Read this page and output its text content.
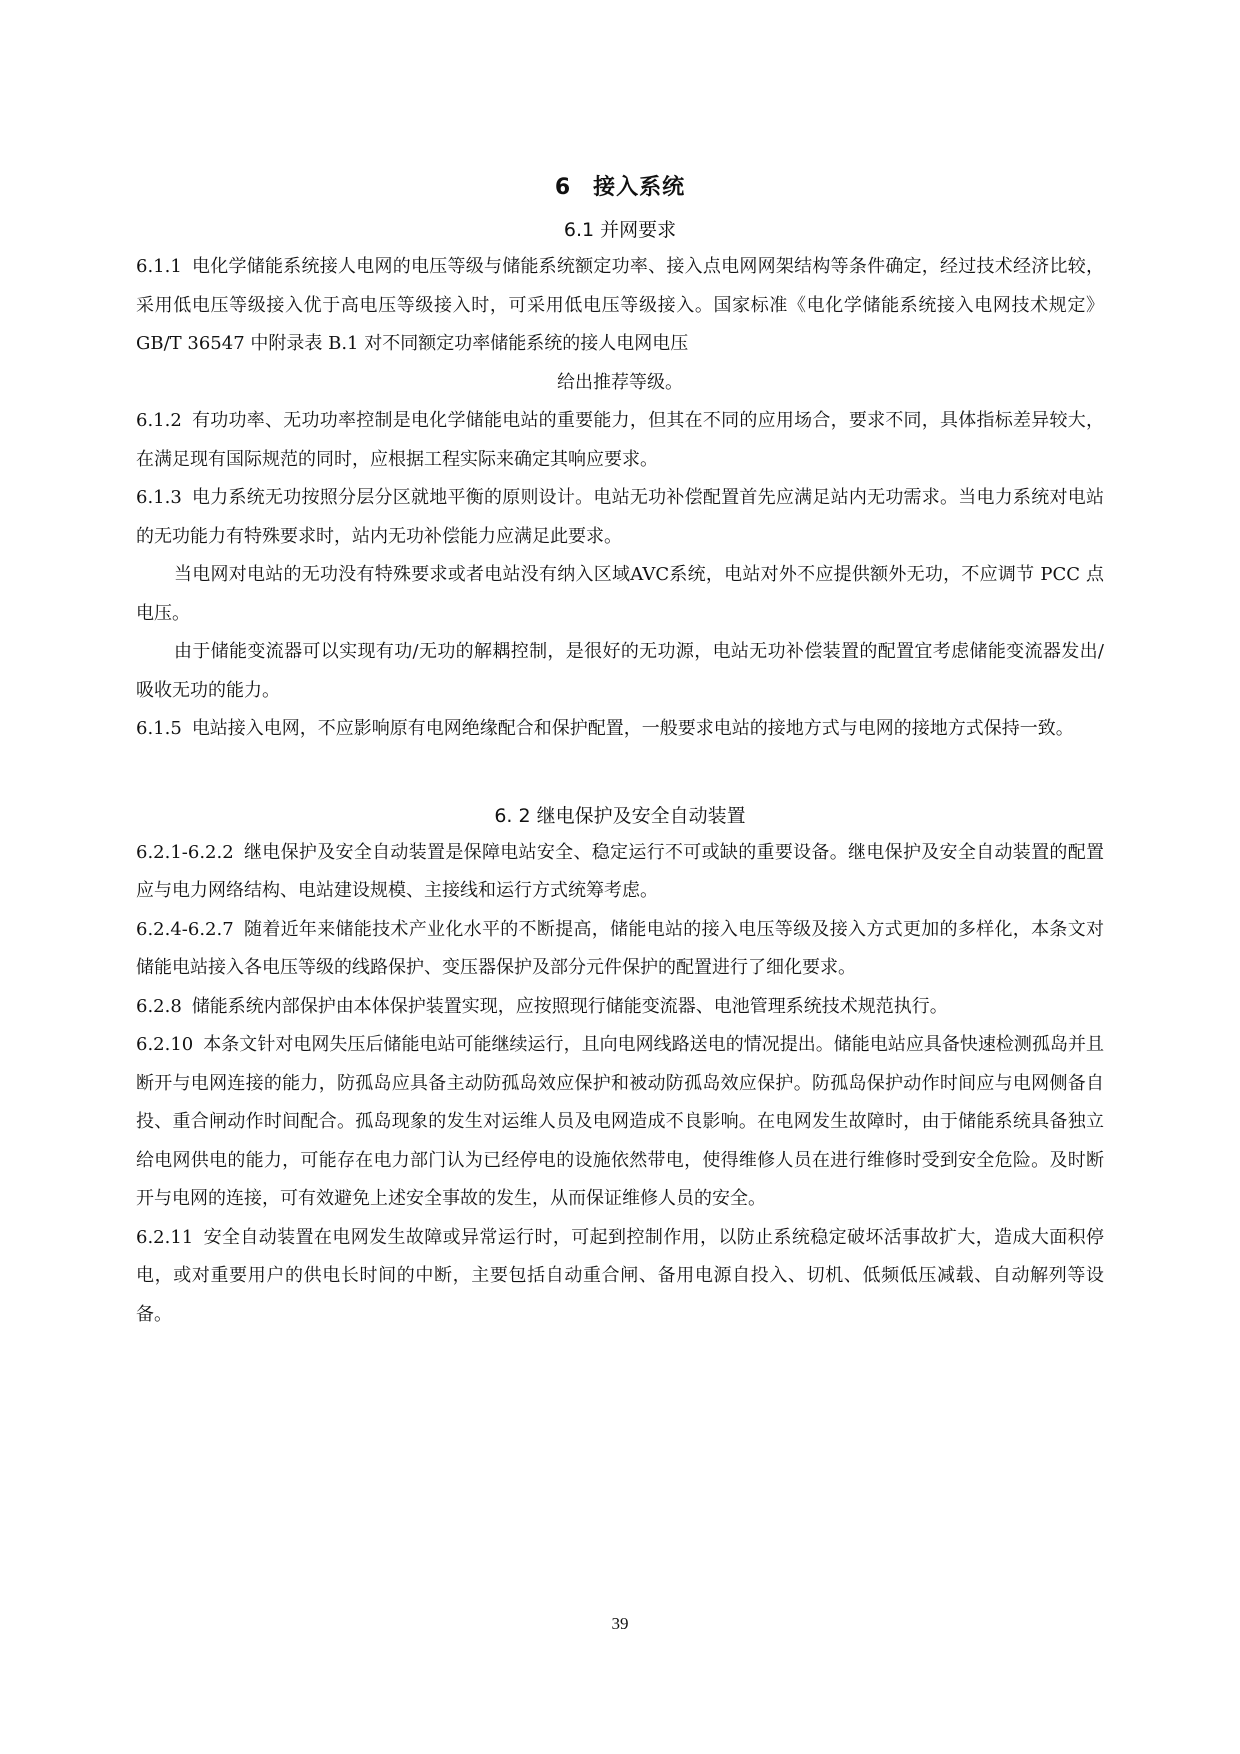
6 接入系统
6.1 并网要求

6.1.1 电化学储能系统接人电网的电压等级与储能系统额定功率、接入点电网网架结构等条件确定，经过技术经济比较，采用低电压等级接入优于高电压等级接入时，可采用低电压等级接入。国家标准《电化学储能系统接入电网技术规定》GB/T 36547 中附录表 B.1 对不同额定功率储能系统的接人电网电压

给出推荐等级。

6.1.2 有功功率、无功功率控制是电化学储能电站的重要能力，但其在不同的应用场合，要求不同，具体指标差异较大，在满足现有国际规范的同时，应根据工程实际来确定其响应要求。

6.1.3 电力系统无功按照分层分区就地平衡的原则设计。电站无功补偿配置首先应满足站内无功需求。当电力系统对电站的无功能力有特殊要求时，站内无功补偿能力应满足此要求。

当电网对电站的无功没有特殊要求或者电站没有纳入区域AVC系统，电站对外不应提供额外无功，不应调节 PCC 点电压。

由于储能变流器可以实现有功/无功的解耦控制，是很好的无功源，电站无功补偿装置的配置宜考虑储能变流器发出/吸收无功的能力。

6.1.5 电站接入电网，不应影响原有电网绝缘配合和保护配置，一般要求电站的接地方式与电网的接地方式保持一致。

6. 2 继电保护及安全自动装置

6.2.1-6.2.2 继电保护及安全自动装置是保障电站安全、稳定运行不可或缺的重要设备。继电保护及安全自动装置的配置应与电力网络结构、电站建设规模、主接线和运行方式统筹考虑。

6.2.4-6.2.7 随着近年来储能技术产业化水平的不断提高，储能电站的接入电压等级及接入方式更加的多样化，本条文对储能电站接入各电压等级的线路保护、变压器保护及部分元件保护的配置进行了细化要求。

6.2.8 储能系统内部保护由本体保护装置实现，应按照现行储能变流器、电池管理系统技术规范执行。

6.2.10 本条文针对电网失压后储能电站可能继续运行，且向电网线路送电的情况提出。储能电站应具备快速检测孤岛并且断开与电网连接的能力，防孤岛应具备主动防孤岛效应保护和被动防孤岛效应保护。防孤岛保护动作时间应与电网侧备自投、重合闸动作时间配合。孤岛现象的发生对运维人员及电网造成不良影响。在电网发生故障时，由于储能系统具备独立给电网供电的能力，可能存在电力部门认为已经停电的设施依然带电，使得维修人员在进行维修时受到安全危险。及时断开与电网的连接，可有效避免上述安全事故的发生，从而保证维修人员的安全。

6.2.11 安全自动装置在电网发生故障或异常运行时，可起到控制作用，以防止系统稳定破坏活事故扩大，造成大面积停电，或对重要用户的供电长时间的中断，主要包括自动重合闸、备用电源自投入、切机、低频低压减载、自动解列等设备。

39
